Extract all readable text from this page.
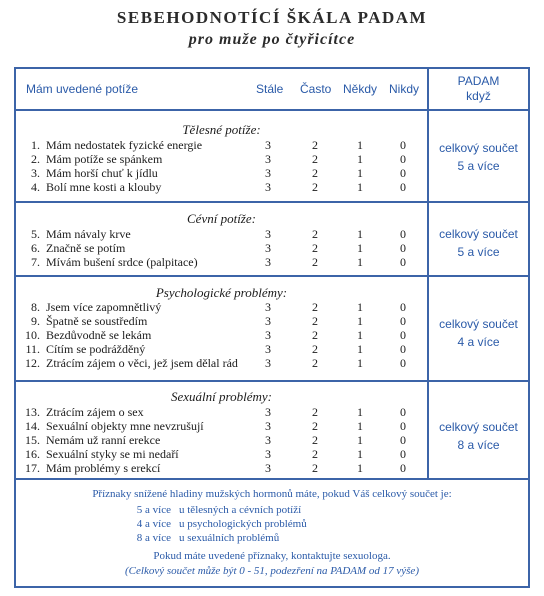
SEBEHODNOTÍCÍ ŠKÁLA PADAM
pro muže po čtyřicítce
Mám uvedené potíže	Stále Často Někdy Nikdy
PADAM
když
Tělesné potíže:
1. Mám nedostatek fyzické energie	3	2	1	0
2. Mám potíže se spánkem	3	2	1	0
3. Mám horší chuť k jídlu	3	2	1	0
4. Bolí mne kosti a klouby	3	2	1	0
celkový součet
5 a více
Cévní potíže:
5. Mám návaly krve	3	2	1	0
6. Značně se potím	3	2	1	0
7. Mívám bušení srdce (palpitace)	3	2	1	0
celkový součet
5 a více
Psychologické problémy:
8. Jsem více zapomnětlivý	3	2	1	0
9. Špatně se soustředím	3	2	1	0
10. Bezdůvodně se lekám	3	2	1	0
11. Cítím se podrážděný	3	2	1	0
12. Ztrácím zájem o věci, jež jsem dělal rád	3	2	1	0
celkový součet
4 a více
Sexuální problémy:
13. Ztrácím zájem o sex	3	2	1	0
14. Sexuální objekty mne nevzrušují	3	2	1	0
15. Nemám už ranní erekce	3	2	1	0
16. Sexuální styky se mi nedaří	3	2	1	0
17. Mám problémy s erekcí	3	2	1	0
celkový součet
8 a více
Příznaky snížené hladiny mužských hormonů máte, pokud Váš celkový součet je:
5 a více u tělesných a cévních potíží
4 a více u psychologických problémů
8 a více u sexuálních problémů
Pokud máte uvedené příznaky, kontaktujte sexuologa.
(Celkový součet může být 0 - 51, podezření na PADAM od 17 výše)
